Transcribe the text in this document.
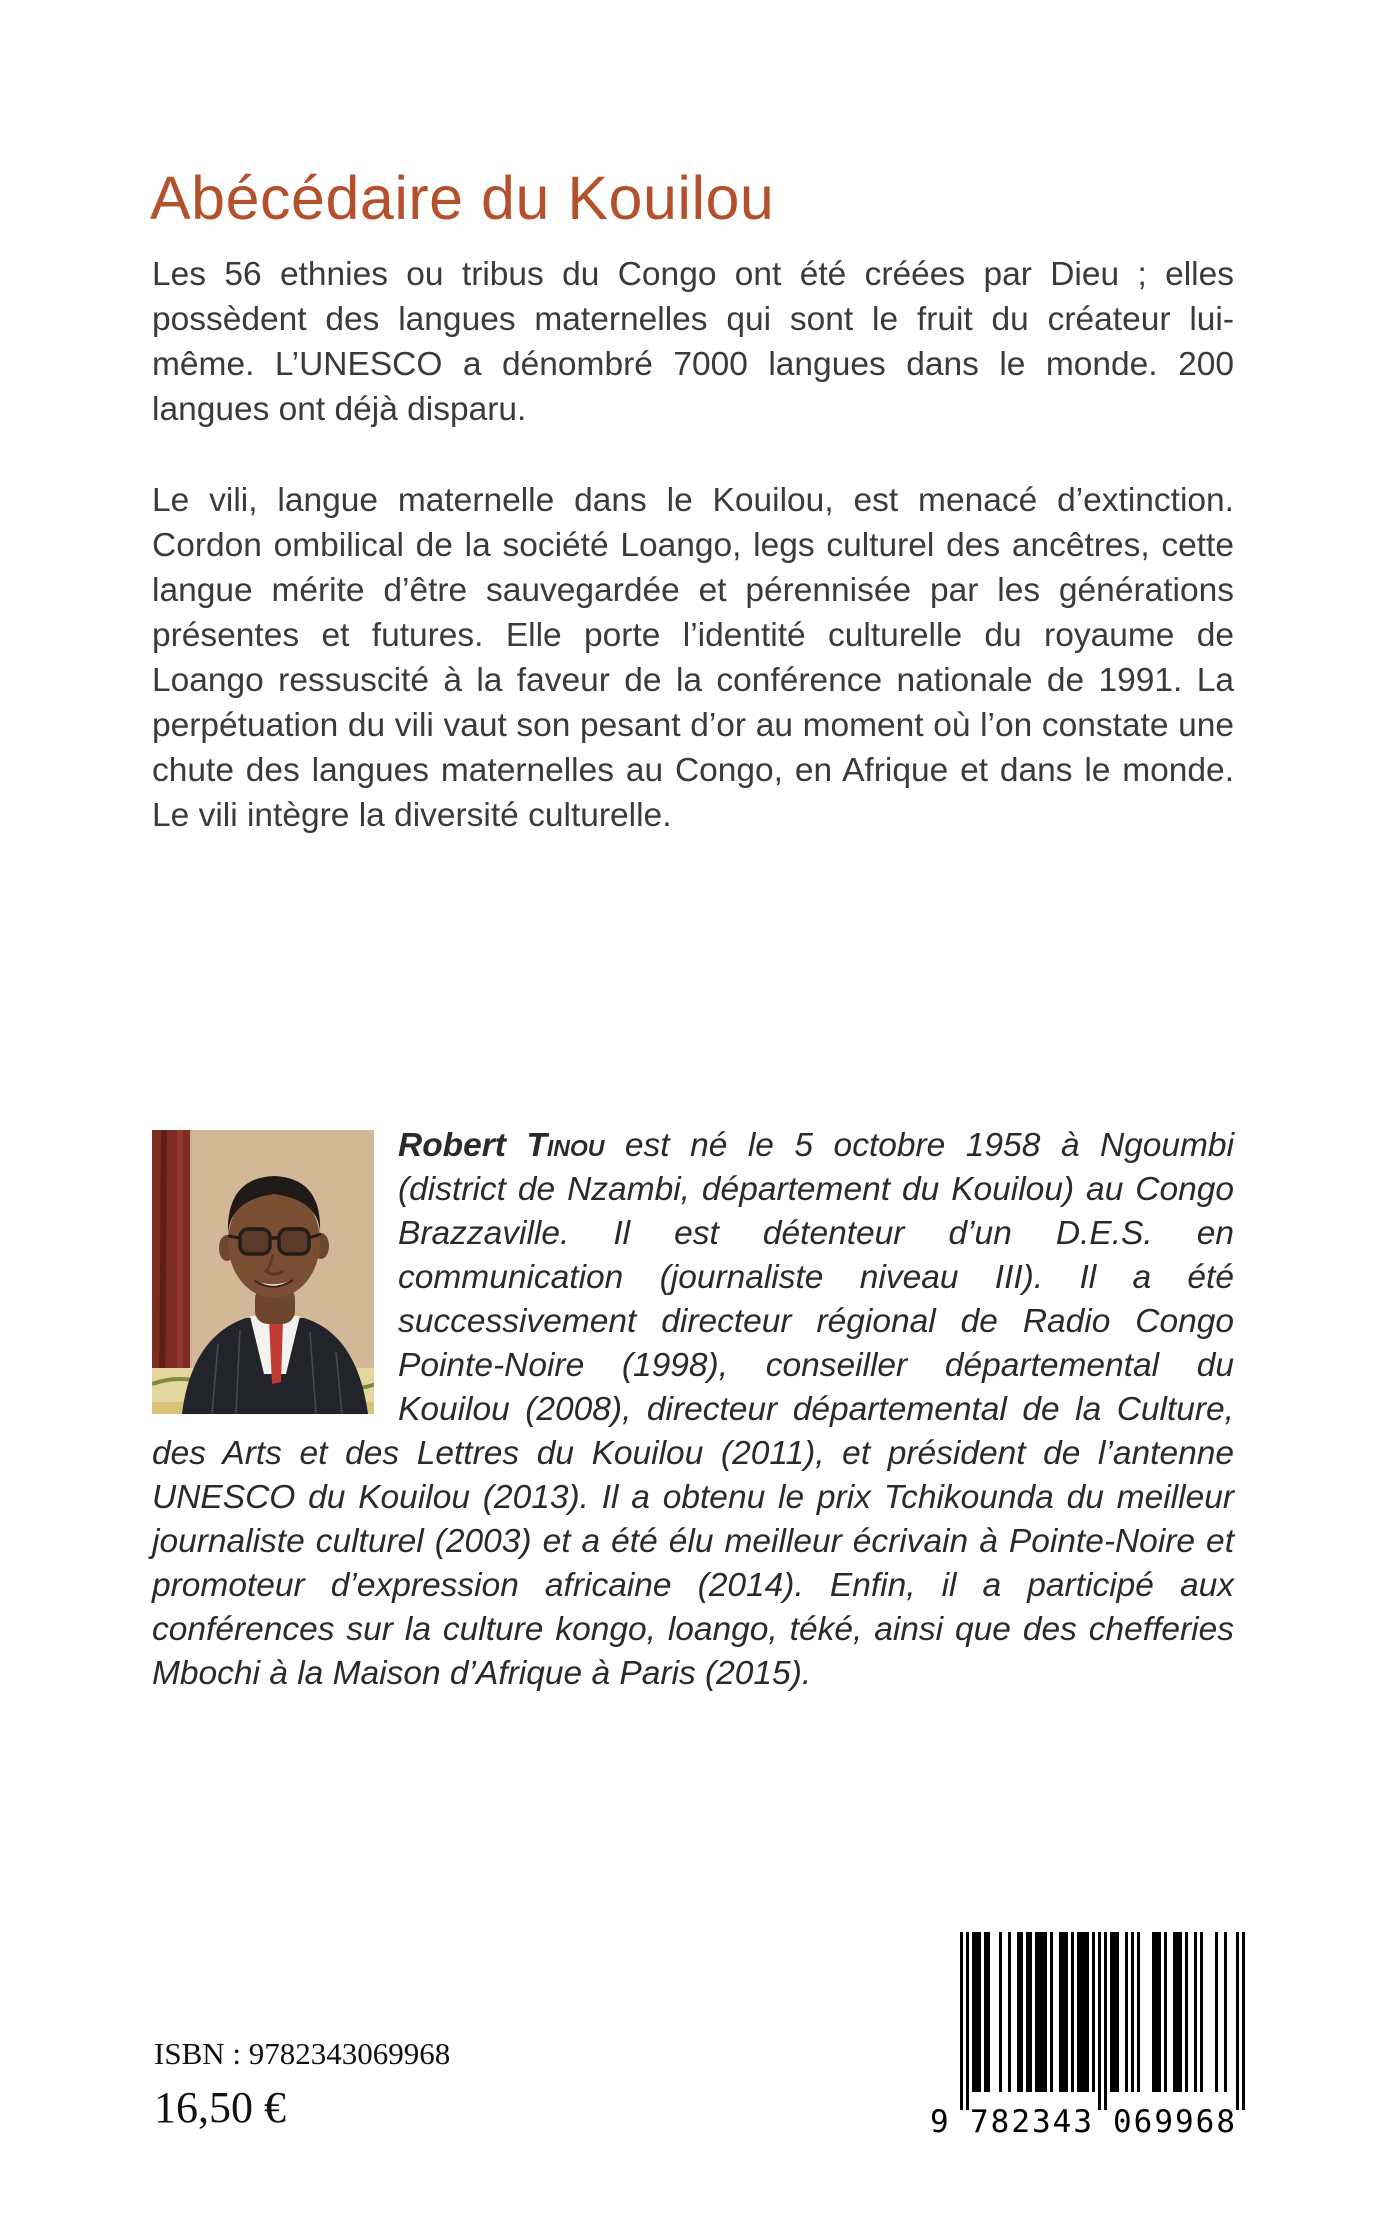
Abécédaire du Kouilou

Les 56 ethnies ou tribus du Congo ont été créées par Dieu ; elles possèdent des langues maternelles qui sont le fruit du créateur lui-même. L’UNESCO a dénombré 7000 langues dans le monde. 200 langues ont déjà disparu.

Le vili, langue maternelle dans le Kouilou, est menacé d’extinction. Cordon ombilical de la société Loango, legs culturel des ancêtres, cette langue mérite d’être sauvegardée et pérennisée par les générations présentes et futures. Elle porte l’identité culturelle du royaume de Loango ressuscité à la faveur de la conférence nationale de 1991. La perpétuation du vili vaut son pesant d’or au moment où l’on constate une chute des langues maternelles au Congo, en Afrique et dans le monde. Le vili intègre la diversité culturelle.

Robert Tinou est né le 5 octobre 1958 à Ngoumbi (district de Nzambi, département du Kouilou) au Congo Brazzaville. Il est détenteur d’un D.E.S. en communication (journaliste niveau III). Il a été successivement directeur régional de Radio Congo Pointe-Noire (1998), conseiller départemental du Kouilou (2008), directeur départemental de la Culture, des Arts et des Lettres du Kouilou (2011), et président de l’antenne UNESCO du Kouilou (2013). Il a obtenu le prix Tchikounda du meilleur journaliste culturel (2003) et a été élu meilleur écrivain à Pointe-Noire et promoteur d’expression africaine (2014). Enfin, il a participé aux conférences sur la culture kongo, loango, téké, ainsi que des chefferies Mbochi à la Maison d’Afrique à Paris (2015).
ISBN : 9782343069968
16,50 €	9 782343 069968
